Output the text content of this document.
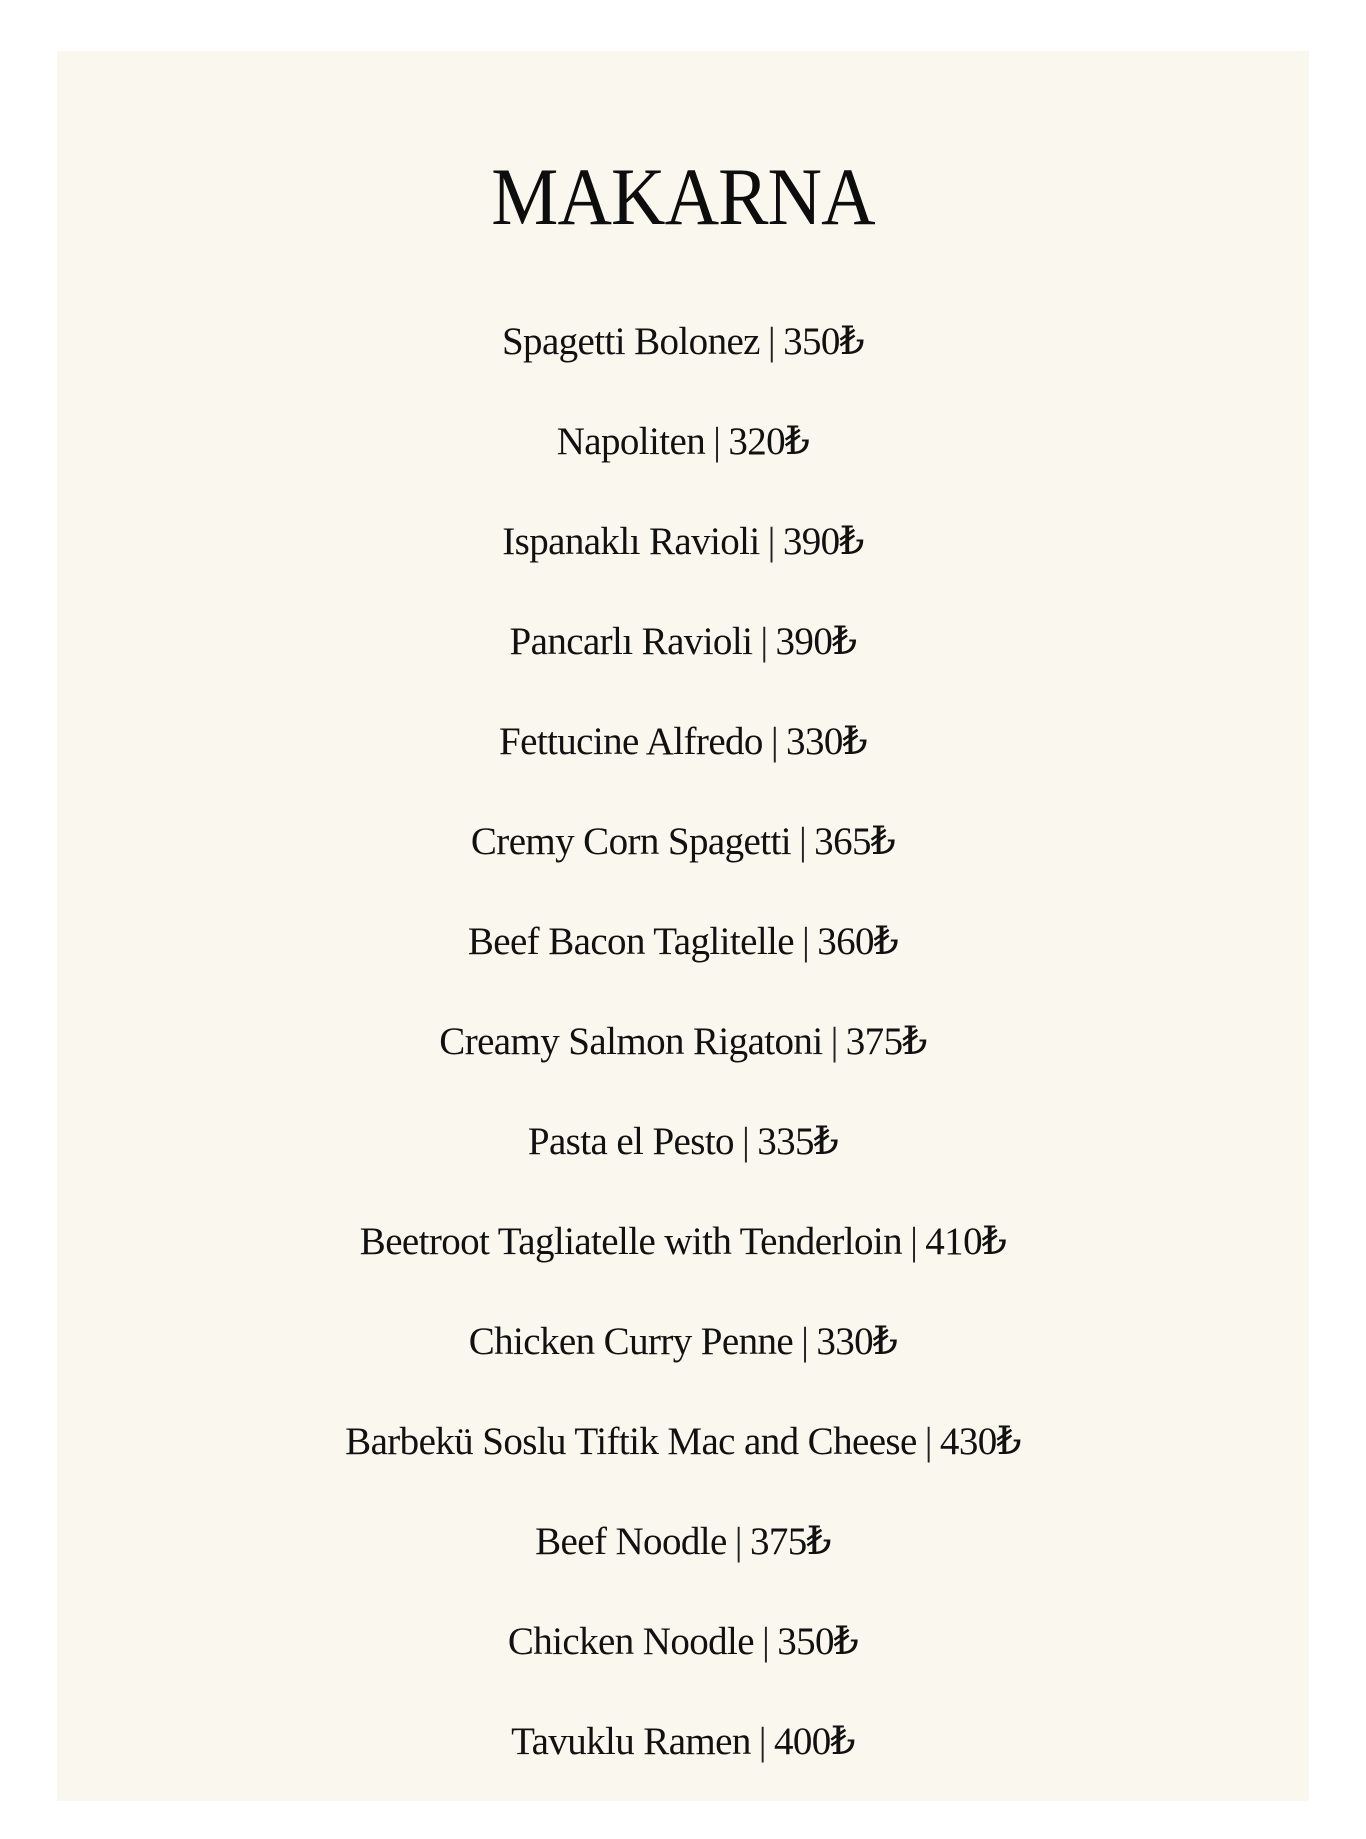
MAKARNA
Spagetti Bolonez | 350₺
Napoliten | 320₺
Ispanaklı Ravioli | 390₺
Pancarlı Ravioli | 390₺
Fettucine Alfredo | 330₺
Cremy Corn Spagetti | 365₺
Beef Bacon Taglitelle | 360₺
Creamy Salmon Rigatoni | 375₺
Pasta el Pesto | 335₺
Beetroot Tagliatelle with Tenderloin | 410₺
Chicken Curry Penne | 330₺
Barbekü Soslu Tiftik Mac and Cheese | 430₺
Beef Noodle | 375₺
Chicken Noodle | 350₺
Tavuklu Ramen | 400₺
